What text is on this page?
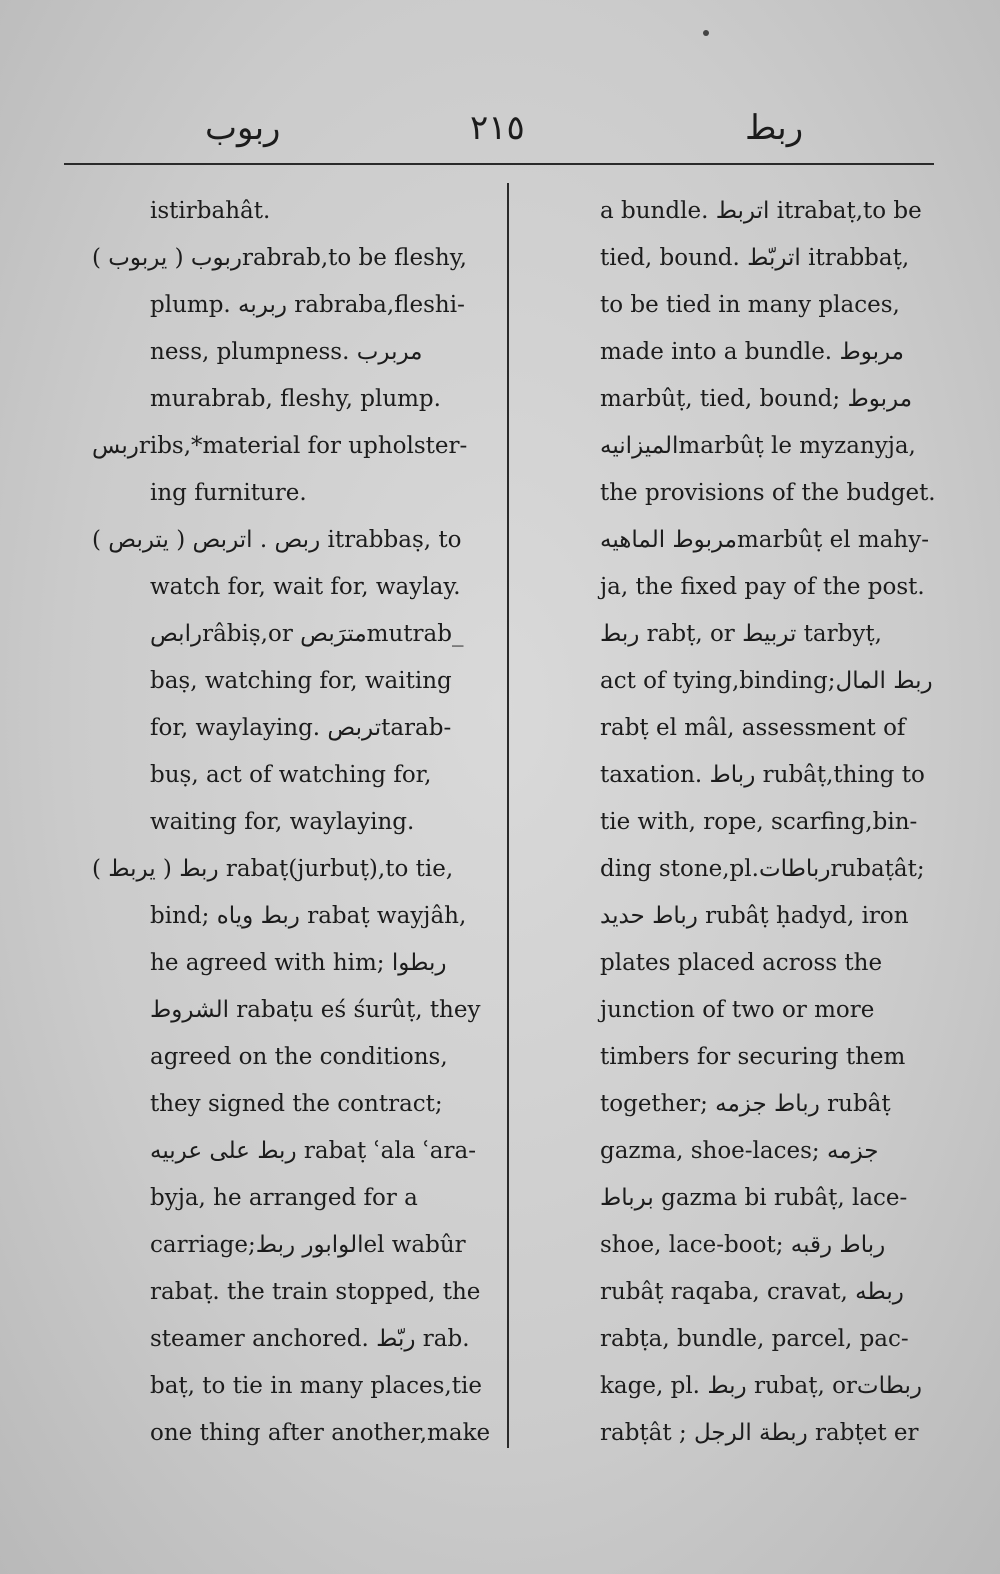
ربوب	٢١٥	ربط
istirbahât.
ربوب ( يربوب )rabrab,to be fleshy,
plump. ربربه rabraba,fleshi-
ness, plumpness. مربرب
murabrab, fleshy, plump.
ربسribs,*material for upholster-
ing furniture.
ربص . اتربص ( يتربص ) itrabbaṣ, to
watch for, wait for, waylay.
رابصrâbiṣ,or مترَبصmutrab_
baṣ, watching for, waiting
for, waylaying. تربصtarab-
buṣ, act of watching for,
waiting for, waylaying.
ربط ( يربط ) rabaṭ(jurbuṭ),to tie,
bind; ربط وياه rabaṭ wayjâh,
he agreed with him; ربطوا
الشروط rabaṭu eś śurûṭ, they
agreed on the conditions,
they signed the contract;
ربط على عربيه rabaṭ ʿala ʿara-
byja, he arranged for a
carriage;الوابور ربطel wabûr
rabaṭ. the train stopped, the
steamer anchored. ربّط rab.
baṭ, to tie in many places,tie
one thing after another,make
a bundle. اتربط itrabaṭ,to be
tied, bound. اتربّط itrabbaṭ,
to be tied in many places,
made into a bundle. مربوط
marbûṭ, tied, bound; مربوط
الميزانيهmarbûṭ le myzanyja,
the provisions of the budget.
مربوط الماهيهmarbûṭ el mahy-
ja, the fixed pay of the post.
ربط rabṭ, or تربيط tarbyṭ,
act of tying,binding;ربط المال
rabṭ el mâl, assessment of
taxation. رباط rubâṭ,thing to
tie with, rope, scarfing,bin-
ding stone,pl.رباطاتrubaṭât;
رباط حديد rubâṭ ḥadyd, iron
plates placed across the
junction of two or more
timbers for securing them
together; رباط جزمه rubâṭ
gazma, shoe-laces; جزمه
برباط gazma bi rubâṭ, lace-
shoe, lace-boot; رباط رقبه
rubâṭ raqaba, cravat, ربطه
rabṭa, bundle, parcel, pac-
kage, pl. ربط rubaṭ, orربطات
rabṭât ; ربطة الرجل rabṭet er
